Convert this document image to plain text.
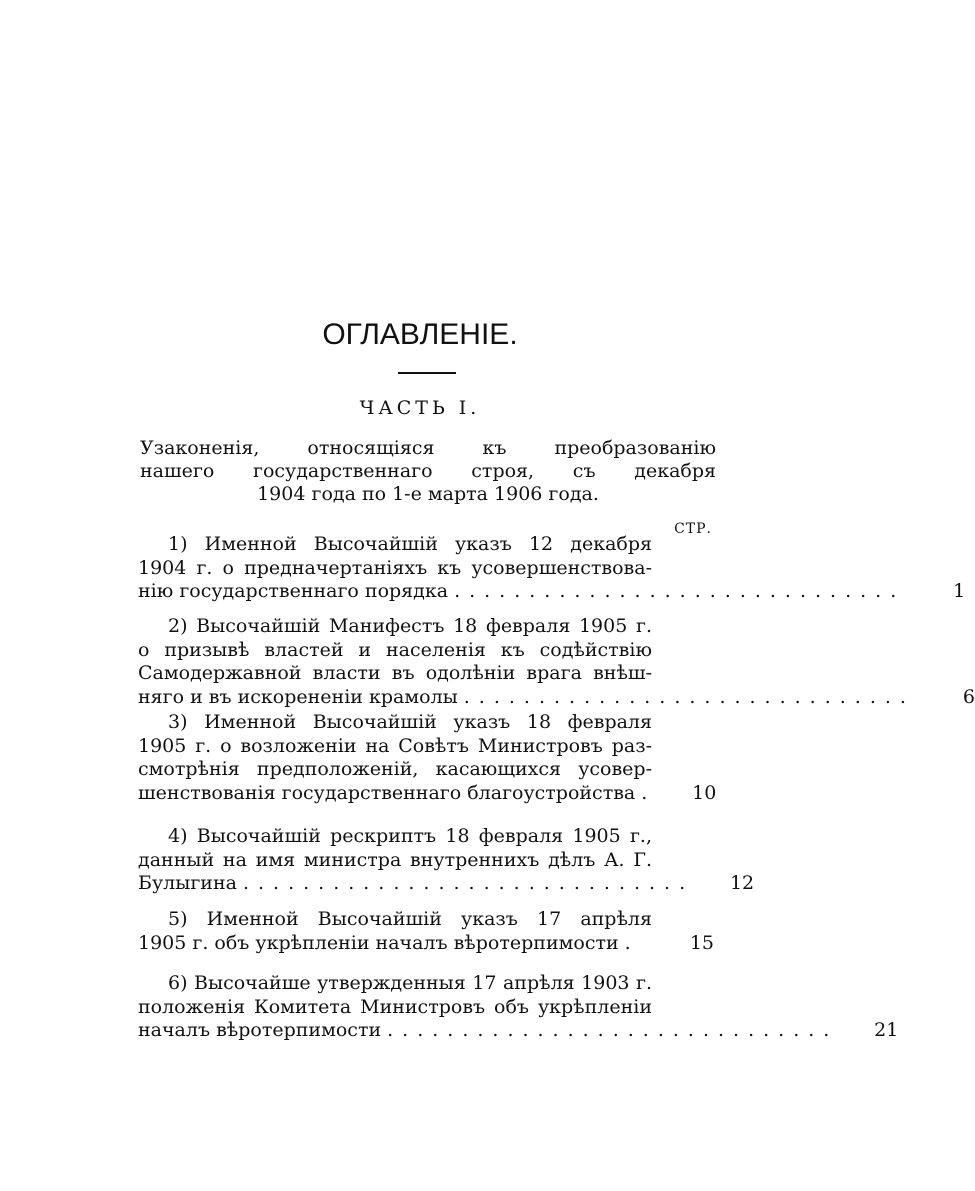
ОГЛАВЛЕНІЕ.
ЧАСТЬ I.
Узаконенія, относящіяся къ преобразованію
нашего государственнаго строя, съ декабря
1904 года по 1-е марта 1906 года.
СТР.
1) Именной Высочайшій указъ 12 декабря
1904 г. о предначертаніяхъ къ усовершенствова-
нію государственнаго порядка ..............................	1
2) Высочайшій Манифестъ 18 февраля 1905 г.
о призывѣ властей и населенія къ содѣйствію
Самодержавной власти въ одолѣніи врага внѣш-
няго и въ искорененіи крамолы ..............................	6
3) Именной Высочайшій указъ 18 февраля
1905 г. о возложеніи на Совѣтъ Министровъ раз-
смотрѣнія предположеній, касающихся усовер-
шенствованія государственнаго благоустройства .	10
4) Высочайшій рескриптъ 18 февраля 1905 г.,
данный на имя министра внутреннихъ дѣлъ А. Г.
Булыгина ..............................	12
5) Именной Высочайшій указъ 17 апрѣля
1905 г. объ укрѣпленіи началъ вѣротерпимости .	15
6) Высочайше утвержденныя 17 апрѣля 1903 г.
положенія Комитета Министровъ объ укрѣпленіи
началъ вѣротерпимости ..............................	21
